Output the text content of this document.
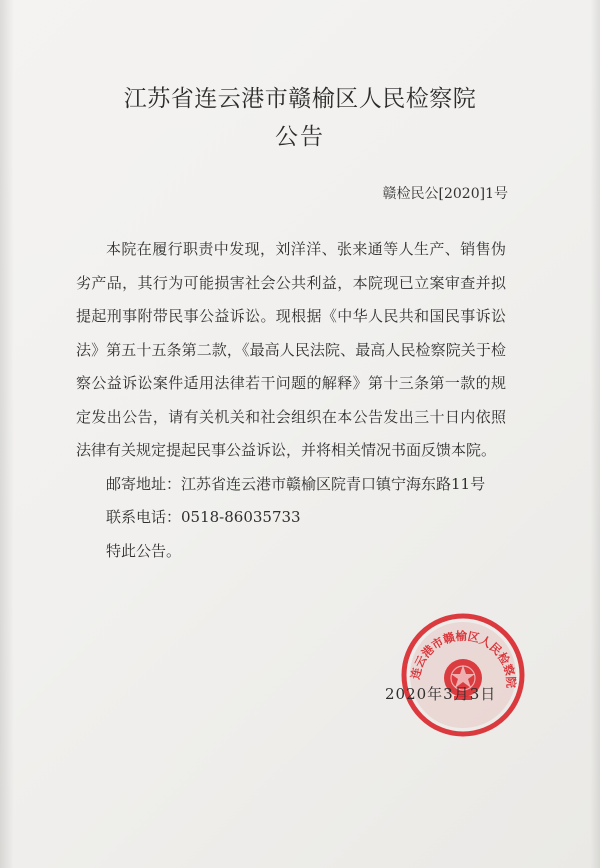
江苏省连云港市赣榆区人民检察院
公告
赣检民公[2020]1号

本院在履行职责中发现，刘洋洋、张来通等人生产、销售伪劣产品，其行为可能损害社会公共利益，本院现已立案审查并拟提起刑事附带民事公益诉讼。现根据《中华人民共和国民事诉讼法》第五十五条第二款，《最高人民法院、最高人民检察院关于检察公益诉讼案件适用法律若干问题的解释》第十三条第一款的规定发出公告，请有关机关和社会组织在本公告发出三十日内依照法律有关规定提起民事公益诉讼，并将相关情况书面反馈本院。

邮寄地址：江苏省连云港市赣榆区院青口镇宁海东路11号

联系电话：0518-86035733

特此公告。

连云港市赣榆区人民检察院
2020年3月3日
